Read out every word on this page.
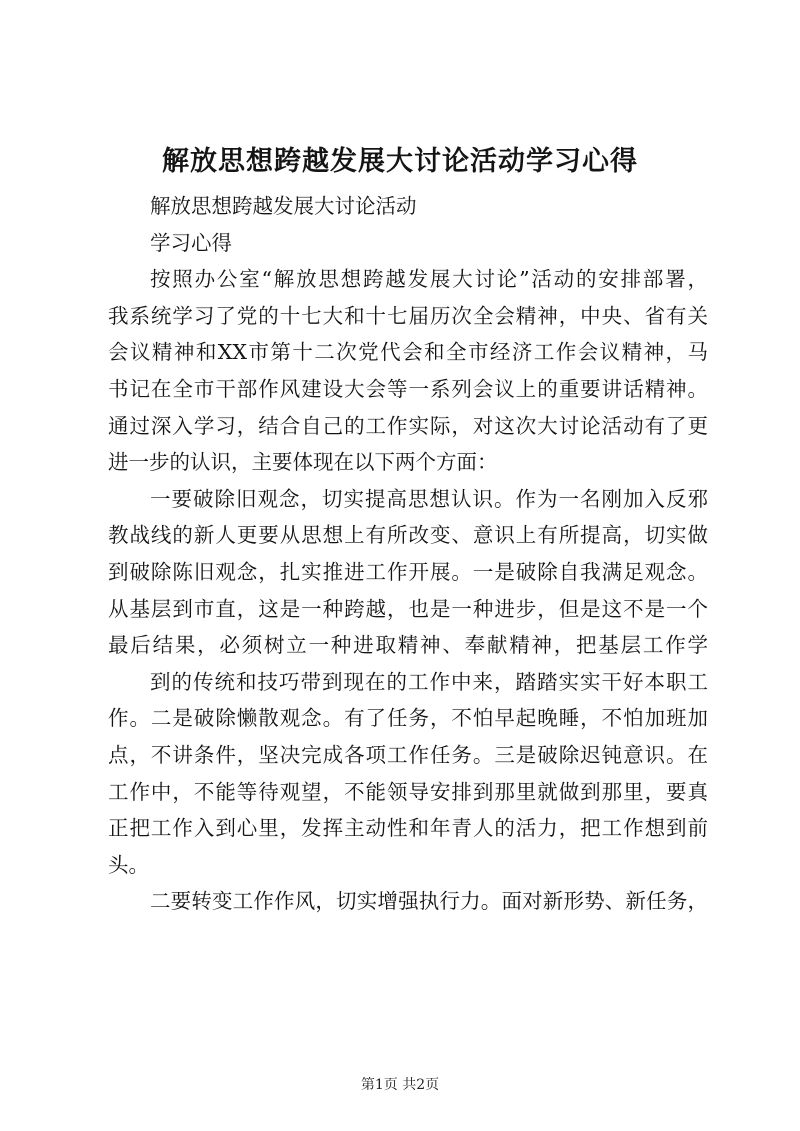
解放思想跨越发展大讨论活动学习心得
解放思想跨越发展大讨论活动
学习心得
按照办公室“解放思想跨越发展大讨论”活动的安排部署，
我系统学习了党的十七大和十七届历次全会精神，中央、省有关
会议精神和XX市第十二次党代会和全市经济工作会议精神，马
书记在全市干部作风建设大会等一系列会议上的重要讲话精神。
通过深入学习，结合自己的工作实际，对这次大讨论活动有了更
进一步的认识，主要体现在以下两个方面：
一要破除旧观念，切实提高思想认识。作为一名刚加入反邪
教战线的新人更要从思想上有所改变、意识上有所提高，切实做
到破除陈旧观念，扎实推进工作开展。一是破除自我满足观念。
从基层到市直，这是一种跨越，也是一种进步，但是这不是一个
最后结果，必须树立一种进取精神、奉献精神，把基层工作学
到的传统和技巧带到现在的工作中来，踏踏实实干好本职工
作。二是破除懒散观念。有了任务，不怕早起晚睡，不怕加班加
点，不讲条件，坚决完成各项工作任务。三是破除迟钝意识。在
工作中，不能等待观望，不能领导安排到那里就做到那里，要真
正把工作入到心里，发挥主动性和年青人的活力，把工作想到前
头。
二要转变工作作风，切实增强执行力。面对新形势、新任务，
第1页 共2页
